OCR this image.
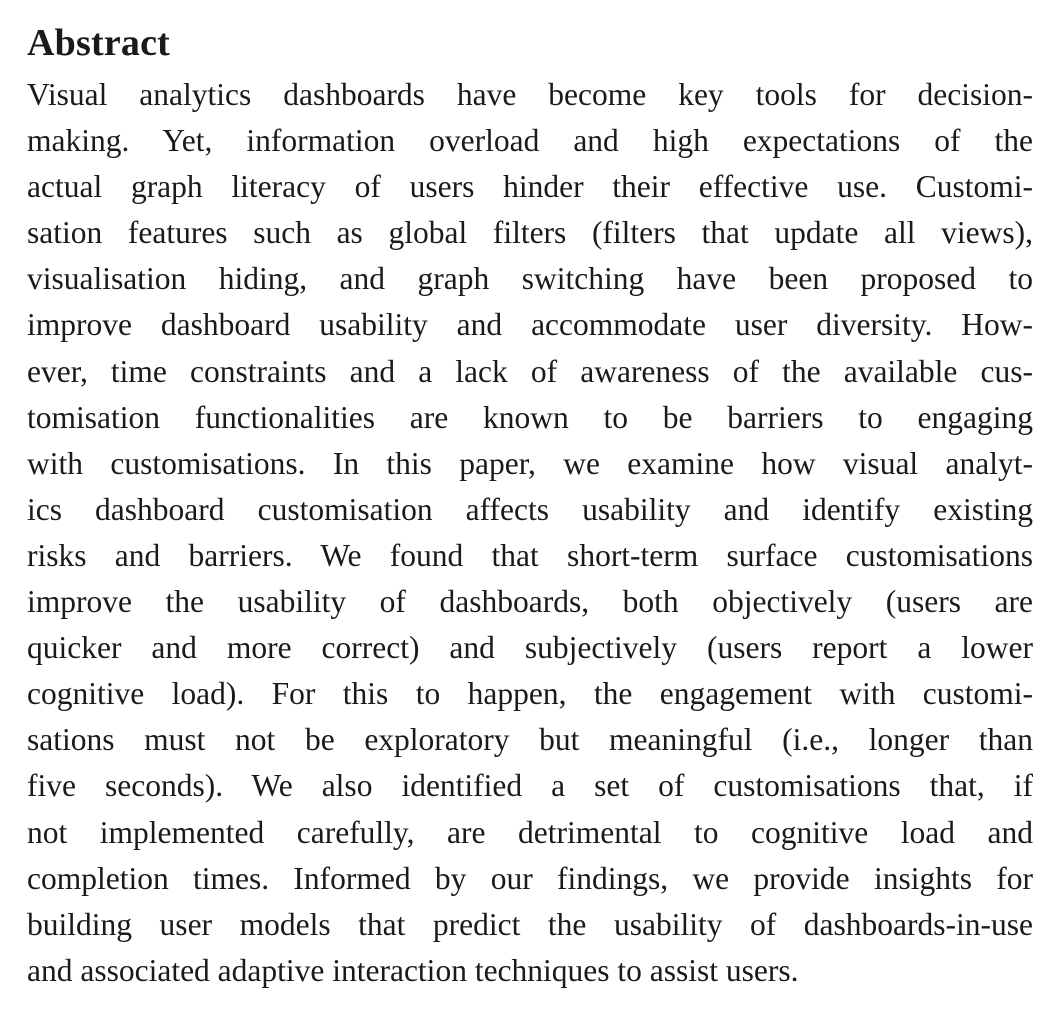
Abstract

Visual analytics dashboards have become key tools for decision-
making. Yet, information overload and high expectations of the
actual graph literacy of users hinder their effective use. Customi-
sation features such as global filters (filters that update all views),
visualisation hiding, and graph switching have been proposed to
improve dashboard usability and accommodate user diversity. How-
ever, time constraints and a lack of awareness of the available cus-
tomisation functionalities are known to be barriers to engaging
with customisations. In this paper, we examine how visual analyt-
ics dashboard customisation affects usability and identify existing
risks and barriers. We found that short-term surface customisations
improve the usability of dashboards, both objectively (users are
quicker and more correct) and subjectively (users report a lower
cognitive load). For this to happen, the engagement with customi-
sations must not be exploratory but meaningful (i.e., longer than
five seconds). We also identified a set of customisations that, if
not implemented carefully, are detrimental to cognitive load and
completion times. Informed by our findings, we provide insights for
building user models that predict the usability of dashboards-in-use
and associated adaptive interaction techniques to assist users.
